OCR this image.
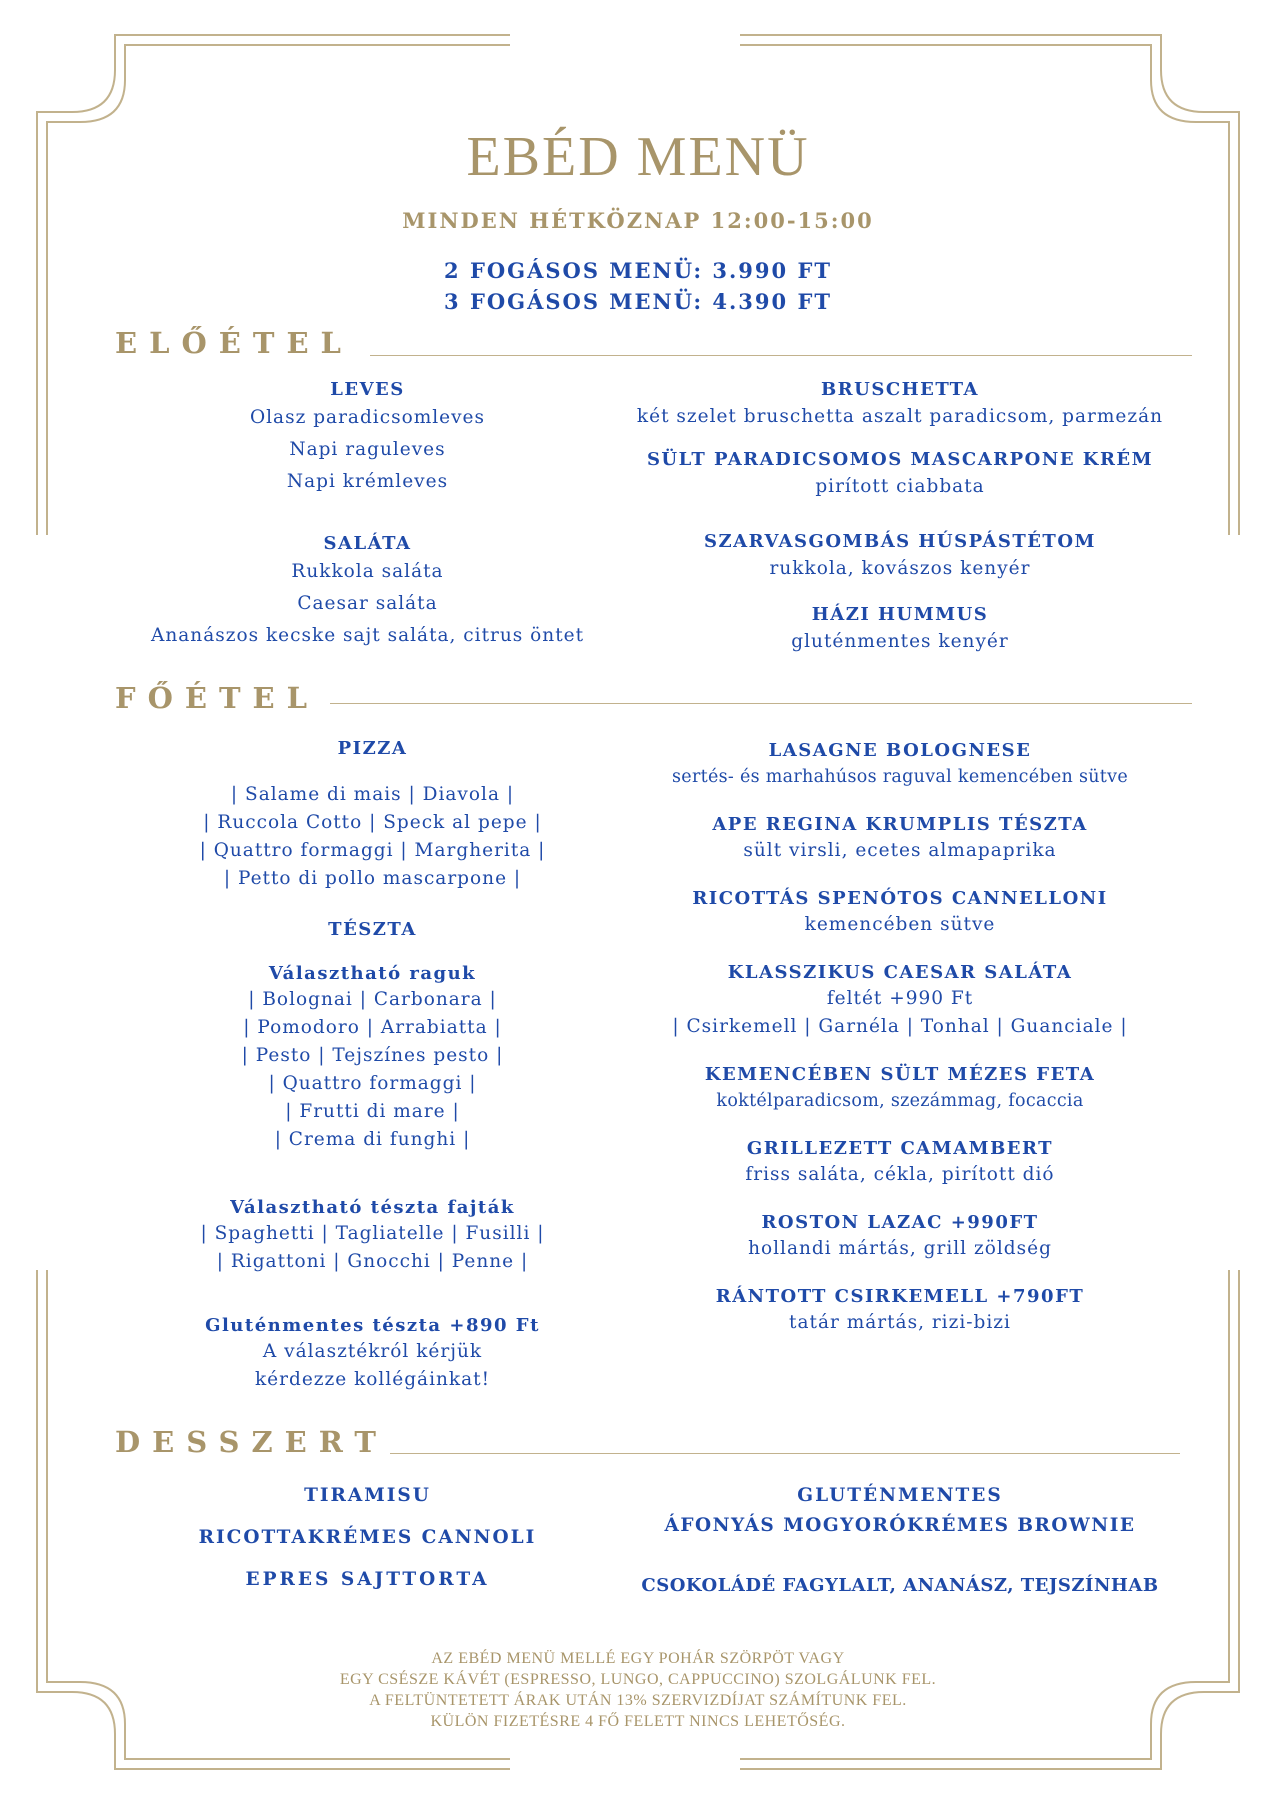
EBÉD MENÜ
MINDEN HÉTKÖZNAP 12:00-15:00
2 FOGÁSOS MENÜ: 3.990 FT
3 FOGÁSOS MENÜ: 4.390 FT
ELŐÉTEL
LEVES
Olasz paradicsomleves
Napi raguleves
Napi krémleves
SALÁTA
Rukkola saláta
Caesar saláta
Ananászos kecske sajt saláta, citrus öntet
BRUSCHETTA
két szelet bruschetta aszalt paradicsom, parmezán
SÜLT PARADICSOMOS MASCARPONE KRÉM
pirított ciabbata
SZARVASGOMBÁS HÚSPÁSTÉTOM
rukkola, kovászos kenyér
HÁZI HUMMUS
gluténmentes kenyér
FŐÉTEL
PIZZA
| Salame di mais | Diavola |
| Ruccola Cotto | Speck al pepe |
| Quattro formaggi | Margherita |
| Petto di pollo mascarpone |
TÉSZTA
Választható raguk
| Bolognai | Carbonara |
| Pomodoro | Arrabiatta |
| Pesto | Tejszínes pesto |
| Quattro formaggi |
| Frutti di mare |
| Crema di funghi |
Választható tészta fajták
| Spaghetti | Tagliatelle | Fusilli |
| Rigattoni | Gnocchi | Penne |
Gluténmentes tészta +890 Ft
A választékról kérjük
kérdezze kollégáinkat!
LASAGNE BOLOGNESE
sertés- és marhahúsos raguval kemencében sütve
APE REGINA KRUMPLIS TÉSZTA
sült virsli, ecetes almapaprika
RICOTTÁS SPENÓTOS CANNELLONI
kemencében sütve
KLASSZIKUS CAESAR SALÁTA
feltét +990 Ft
| Csirkemell | Garnéla | Tonhal | Guanciale |
KEMENCÉBEN SÜLT MÉZES FETA
koktélparadicsom, szezámmag, focaccia
GRILLEZETT CAMAMBERT
friss saláta, cékla, pirított dió
ROSTON LAZAC +990FT
hollandi mártás, grill zöldség
RÁNTOTT CSIRKEMELL +790FT
tatár mártás, rizi-bizi
DESSZERT
TIRAMISU
RICOTTAKRÉMES CANNOLI
EPRES SAJTTORTA
GLUTÉNMENTES
ÁFONYÁS MOGYORÓKRÉMES BROWNIE
CSOKOLÁDÉ FAGYLALT, ANANÁSZ, TEJSZÍNHAB
AZ EBÉD MENÜ MELLÉ EGY POHÁR SZÖRPÖT VAGY
EGY CSÉSZE KÁVÉT (ESPRESSO, LUNGO, CAPPUCCINO) SZOLGÁLUNK FEL.
A FELTÜNTETETT ÁRAK UTÁN 13% SZERVIZDÍJAT SZÁMÍTUNK FEL.
KÜLÖN FIZETÉSRE 4 FŐ FELETT NINCS LEHETŐSÉG.
